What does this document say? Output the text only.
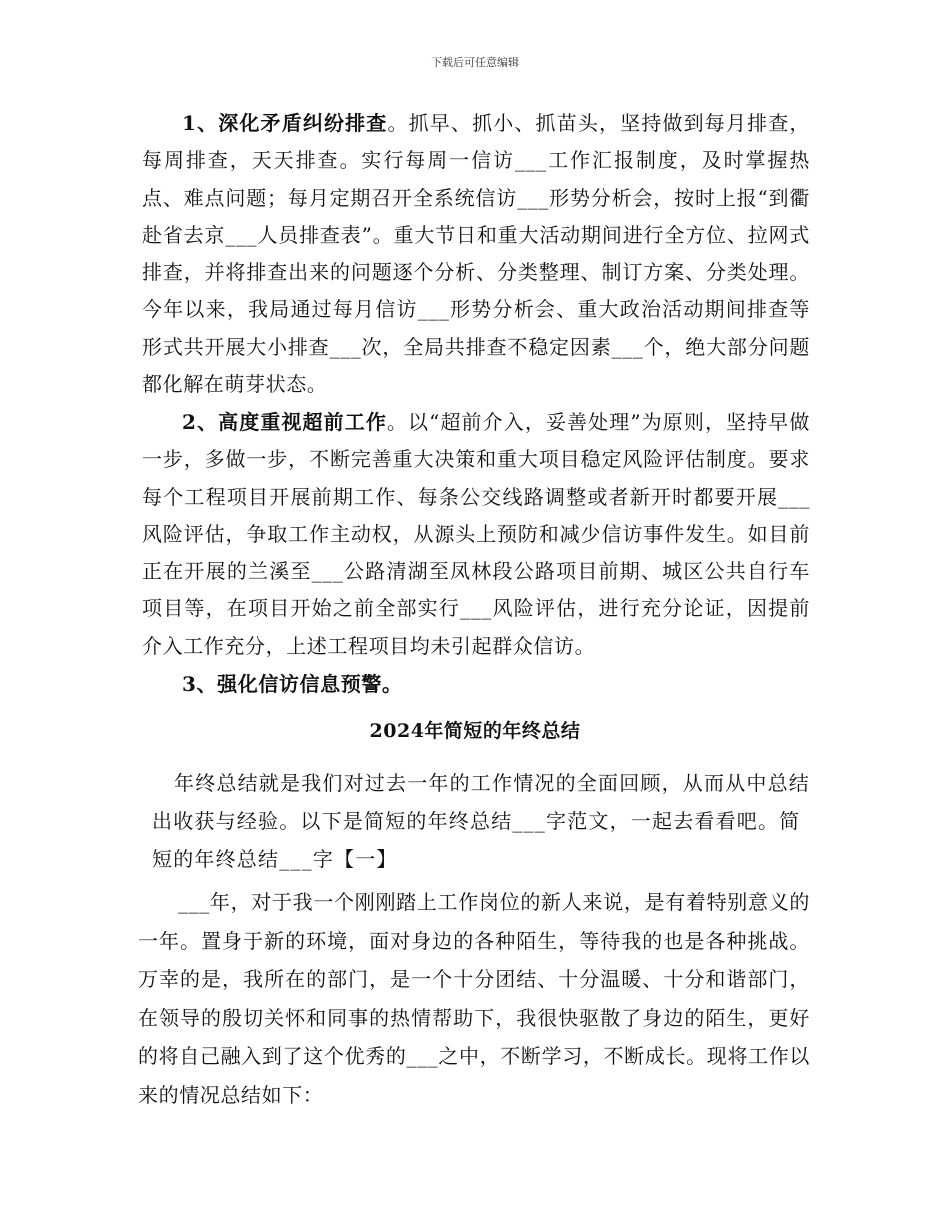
下载后可任意编辑

1、深化矛盾纠纷排查。抓早、抓小、抓苗头，坚持做到每月排查，每周排查，天天排查。实行每周一信访___工作汇报制度，及时掌握热点、难点问题；每月定期召开全系统信访___形势分析会，按时上报“到衢赴省去京___人员排查表”。重大节日和重大活动期间进行全方位、拉网式排查，并将排查出来的问题逐个分析、分类整理、制订方案、分类处理。今年以来，我局通过每月信访___形势分析会、重大政治活动期间排查等形式共开展大小排查___次，全局共排查不稳定因素___个，绝大部分问题都化解在萌芽状态。

2、高度重视超前工作。以“超前介入，妥善处理”为原则，坚持早做一步，多做一步，不断完善重大决策和重大项目稳定风险评估制度。要求每个工程项目开展前期工作、每条公交线路调整或者新开时都要开展___风险评估，争取工作主动权，从源头上预防和减少信访事件发生。如目前正在开展的兰溪至___公路清湖至凤林段公路项目前期、城区公共自行车项目等，在项目开始之前全部实行___风险评估，进行充分论证，因提前介入工作充分，上述工程项目均未引起群众信访。

3、强化信访信息预警。

2024年简短的年终总结

年终总结就是我们对过去一年的工作情况的全面回顾，从而从中总结出收获与经验。以下是简短的年终总结___字范文，一起去看看吧。简短的年终总结___字【一】

___年，对于我一个刚刚踏上工作岗位的新人来说，是有着特别意义的一年。置身于新的环境，面对身边的各种陌生，等待我的也是各种挑战。万幸的是，我所在的部门，是一个十分团结、十分温暖、十分和谐部门，在领导的殷切关怀和同事的热情帮助下，我很快驱散了身边的陌生，更好的将自己融入到了这个优秀的___之中，不断学习，不断成长。现将工作以来的情况总结如下：
